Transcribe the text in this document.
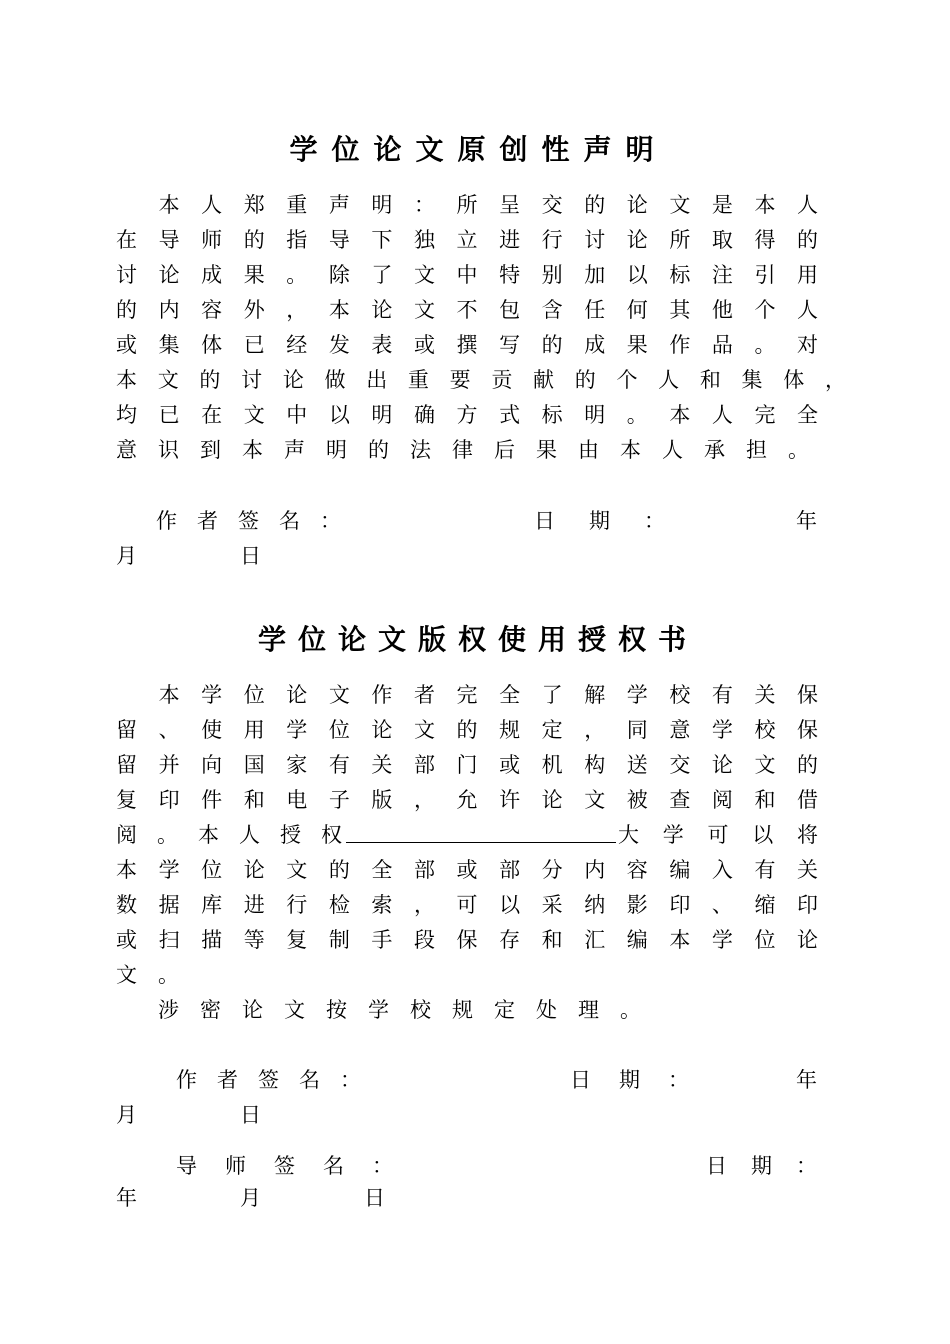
学位论文原创性声明

本 人 郑 重 声 明 ： 所 呈 交 的 论 文 是 本 人
在 导 师 的 指 导 下 独 立 进 行 讨 论 所 取 得 的
讨 论 成 果 。 除 了 文 中 特 别 加 以 标 注 引 用
的 内 容 外 ， 本 论 文 不 包 含 任 何 其 他 个 人
或 集 体 已 经 发 表 或 撰 写 的 成 果 作 品 。 对
本 文 的 讨 论 做 出 重 要 贡 献 的 个 人 和 集 体 ，
均 已 在 文 中 以 明 确 方 式 标 明 。 本 人 完 全
意识到本声明的法律后果由本人承担。
作者签名：	日期：	年
月	日
学位论文版权使用授权书

本 学 位 论 文 作 者 完 全 了 解 学 校 有 关 保
留 、 使 用 学 位 论 文 的 规 定 ， 同 意 学 校 保
留 并 向 国 家 有 关 部 门 或 机 构 送 交 论 文 的
复 印 件 和 电 子 版 ， 允 许 论 文 被 查 阅 和 借
阅 。 本 人 授 权	大 学 可 以 将
本 学 位 论 文 的 全 部 或 部 分 内 容 编 入 有 关
数 据 库 进 行 检 索 ， 可 以 采 纳 影 印 、 缩 印
或 扫 描 等 复 制 手 段 保 存 和 汇 编 本 学 位 论
文。
　涉密论文按学校规定处理。
作者签名：	日期：	年
月	日
导师签名：	日期：
年	月	日
